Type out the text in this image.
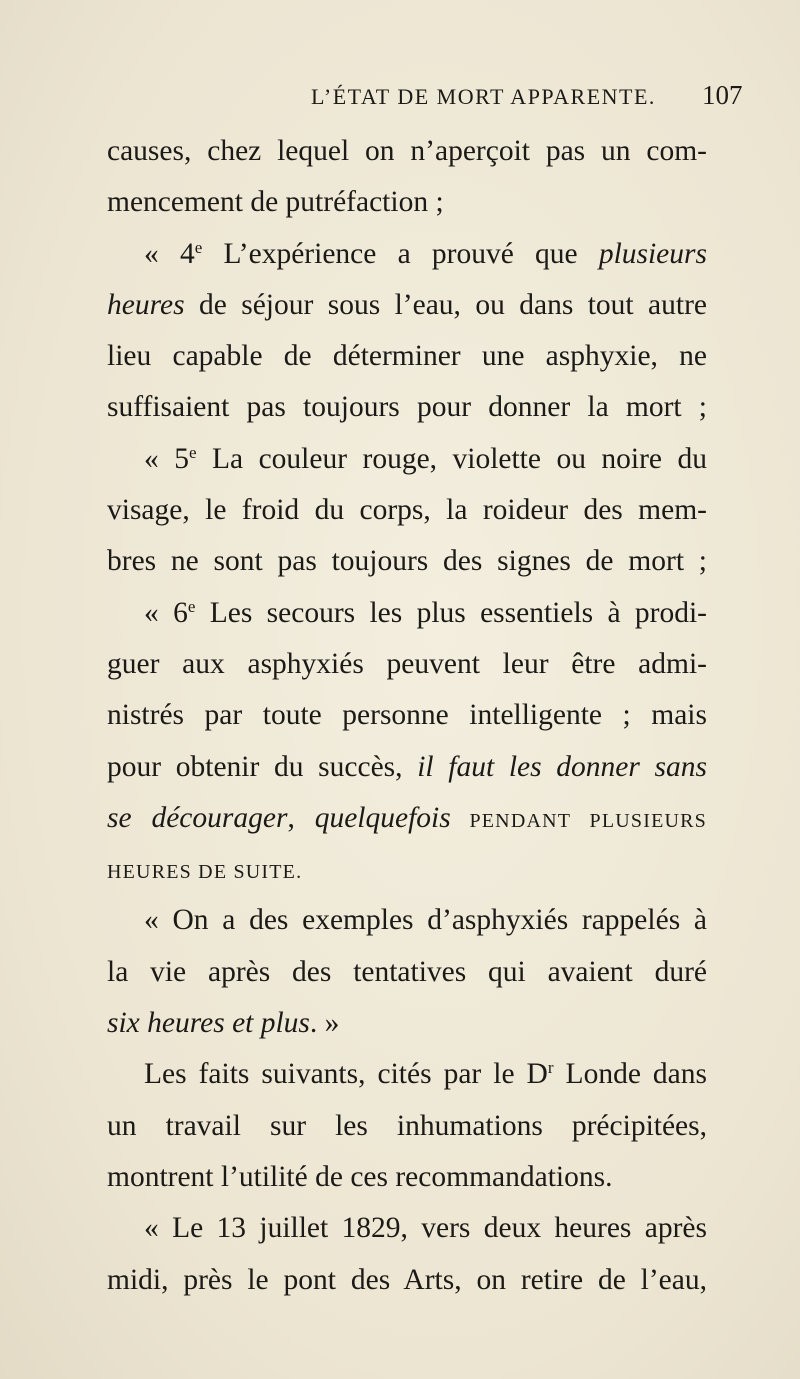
L’ÉTAT DE MORT APPARENTE. 107
causes, chez lequel on n’aperçoit pas un com-
mencement de putréfaction ;
« 4e L’expérience a prouvé que plusieurs
heures de séjour sous l’eau, ou dans tout autre
lieu capable de déterminer une asphyxie, ne
suffisaient pas toujours pour donner la mort ;
« 5e La couleur rouge, violette ou noire du
visage, le froid du corps, la roideur des mem-
bres ne sont pas toujours des signes de mort ;
« 6e Les secours les plus essentiels à prodi-
guer aux asphyxiés peuvent leur être admi-
nistrés par toute personne intelligente ; mais
pour obtenir du succès, il faut les donner sans
se décourager, quelquefois PENDANT PLUSIEURS
HEURES DE SUITE.
« On a des exemples d’asphyxiés rappelés à
la vie après des tentatives qui avaient duré
six heures et plus. »
Les faits suivants, cités par le $D^r$ Londe dans
un travail sur les inhumations précipitées,
montrent l’utilité de ces recommandations.
« Le 13 juillet 1829, vers deux heures après
midi, près le pont des Arts, on retire de l’eau,
